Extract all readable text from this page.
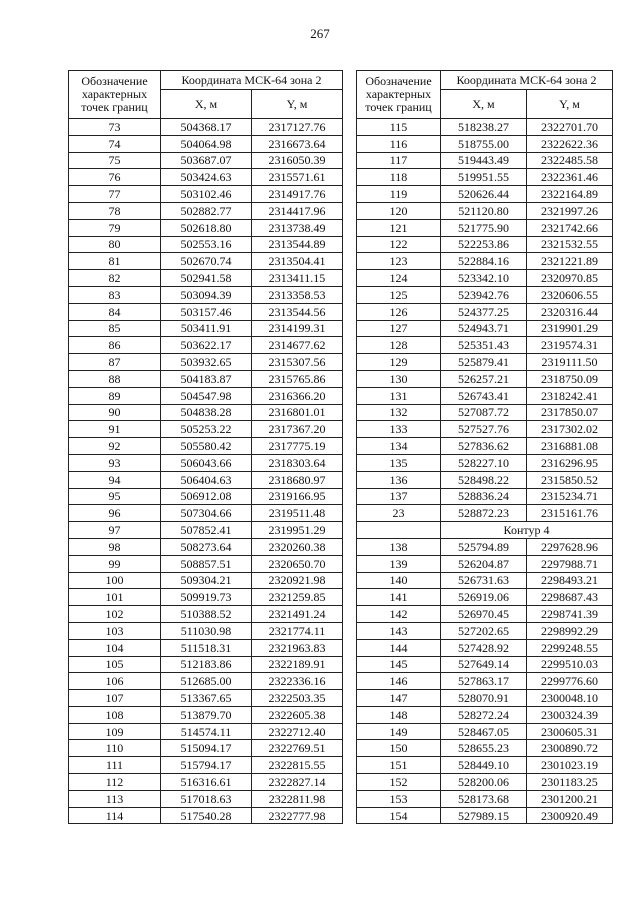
267
Обозначение характерных точек границ	Координата МСК-64 зона 2	
	X, м	Y, м
73	504368.17	2317127.76
74	504064.98	2316673.64
75	503687.07	2316050.39
76	503424.63	2315571.61
77	503102.46	2314917.76
78	502882.77	2314417.96
79	502618.80	2313738.49
80	502553.16	2313544.89
81	502670.74	2313504.41
82	502941.58	2313411.15
83	503094.39	2313358.53
84	503157.46	2313544.56
85	503411.91	2314199.31
86	503622.17	2314677.62
87	503932.65	2315307.56
88	504183.87	2315765.86
89	504547.98	2316366.20
90	504838.28	2316801.01
91	505253.22	2317367.20
92	505580.42	2317775.19
93	506043.66	2318303.64
94	506404.63	2318680.97
95	506912.08	2319166.95
96	507304.66	2319511.48
97	507852.41	2319951.29
98	508273.64	2320260.38
99	508857.51	2320650.70
100	509304.21	2320921.98
101	509919.73	2321259.85
102	510388.52	2321491.24
103	511030.98	2321774.11
104	511518.31	2321963.83
105	512183.86	2322189.91
106	512685.00	2322336.16
107	513367.65	2322503.35
108	513879.70	2322605.38
109	514574.11	2322712.40
110	515094.17	2322769.51
111	515794.17	2322815.55
112	516316.61	2322827.14
113	517018.63	2322811.98
114	517540.28	2322777.98
Обозначение характерных точек границ	Координата МСК-64 зона 2	
	X, м	Y, м
115	518238.27	2322701.70
116	518755.00	2322622.36
117	519443.49	2322485.58
118	519951.55	2322361.46
119	520626.44	2322164.89
120	521120.80	2321997.26
121	521775.90	2321742.66
122	522253.86	2321532.55
123	522884.16	2321221.89
124	523342.10	2320970.85
125	523942.76	2320606.55
126	524377.25	2320316.44
127	524943.71	2319901.29
128	525351.43	2319574.31
129	525879.41	2319111.50
130	526257.21	2318750.09
131	526743.41	2318242.41
132	527087.72	2317850.07
133	527527.76	2317302.02
134	527836.62	2316881.08
135	528227.10	2316296.95
136	528498.22	2315850.52
137	528836.24	2315234.71
23	528872.23	2315161.76
	Контур 4	
138	525794.89	2297628.96
139	526204.87	2297988.71
140	526731.63	2298493.21
141	526919.06	2298687.43
142	526970.45	2298741.39
143	527202.65	2298992.29
144	527428.92	2299248.55
145	527649.14	2299510.03
146	527863.17	2299776.60
147	528070.91	2300048.10
148	528272.24	2300324.39
149	528467.05	2300605.31
150	528655.23	2300890.72
151	528449.10	2301023.19
152	528200.06	2301183.25
153	528173.68	2301200.21
154	527989.15	2300920.49
